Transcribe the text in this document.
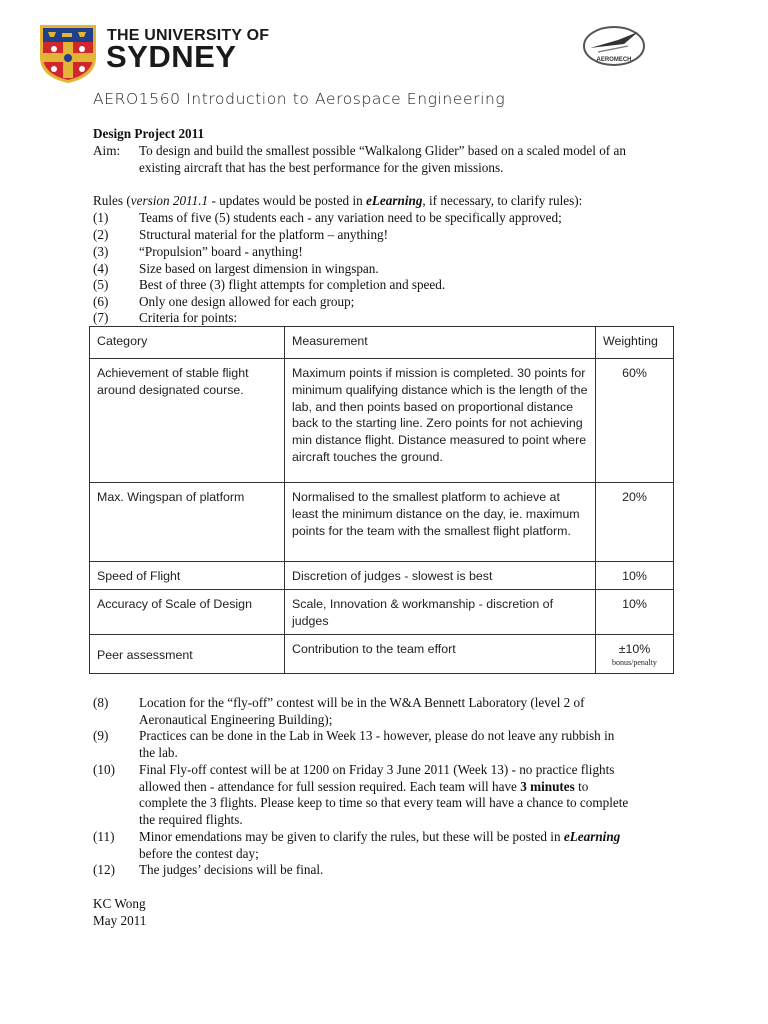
THE UNIVERSITY OF
SYDNEY	AEROMECH
AERO1560 Introduction to Aerospace Engineering
Design Project 2011
Aim: To design and build the smallest possible “Walkalong Glider” based on a scaled model of an
existing aircraft that has the best performance for the given missions.
Rules (version 2011.1 - updates would be posted in eLearning, if necessary, to clarify rules):
(1) Teams of five (5) students each - any variation need to be specifically approved;
(2) Structural material for the platform – anything!
(3) “Propulsion” board - anything!
(4) Size based on largest dimension in wingspan.
(5) Best of three (3) flight attempts for completion and speed.
(6) Only one design allowed for each group;
(7) Criteria for points:
Category	Measurement	Weighting
Achievement of stable flight around designated course.	Maximum points if mission is completed. 30 points for minimum qualifying distance which is the length of the lab, and then points based on proportional distance back to the starting line. Zero points for not achieving min distance flight. Distance measured to point where aircraft touches the ground.	60%
Max. Wingspan of platform	Normalised to the smallest platform to achieve at least the minimum distance on the day, ie. maximum points for the team with the smallest flight platform.	20%
Speed of Flight	Discretion of judges - slowest is best	10%
Accuracy of Scale of Design	Scale, Innovation & workmanship - discretion of judges	10%
Peer assessment	Contribution to the team effort	±10%
bonus/penalty
(8) Location for the “fly-off” contest will be in the W&A Bennett Laboratory (level 2 of
Aeronautical Engineering Building);
(9) Practices can be done in the Lab in Week 13 - however, please do not leave any rubbish in
the lab.
(10) Final Fly-off contest will be at 1200 on Friday 3 June 2011 (Week 13) - no practice flights
allowed then - attendance for full session required. Each team will have 3 minutes to
complete the 3 flights. Please keep to time so that every team will have a chance to complete
the required flights.
(11) Minor emendations may be given to clarify the rules, but these will be posted in eLearning
before the contest day;
(12) The judges’ decisions will be final.
KC Wong
May 2011
